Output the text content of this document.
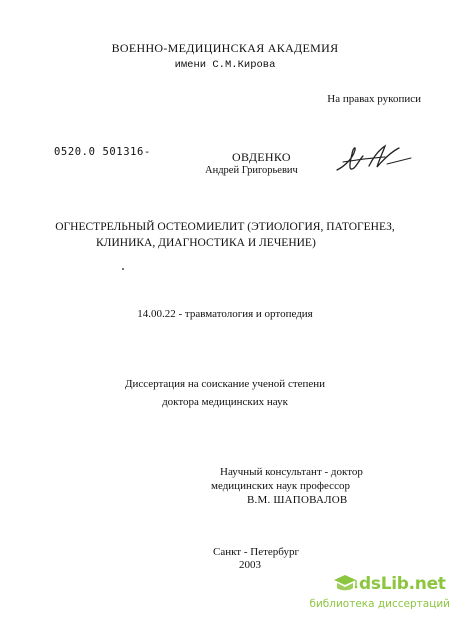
ВОЕННО-МЕДИЦИНСКАЯ АКАДЕМИЯ
имени С.М.Кирова
На правах рукописи
0520.0 501316-	ОВДЕНКО
Андрей Григорьевич
ОГНЕСТРЕЛЬНЫЙ ОСТЕОМИЕЛИТ (ЭТИОЛОГИЯ, ПАТОГЕНЕЗ,
КЛИНИКА, ДИАГНОСТИКА И ЛЕЧЕНИЕ)
14.00.22 - травматология и ортопедия
Диссертация на соискание ученой степени
доктора медицинских наук
Научный консультант - доктор
медицинских наук профессор
В.М. ШАПОВАЛОВ
Санкт - Петербург
2003
dsLib.net
библиотека диссертаций
